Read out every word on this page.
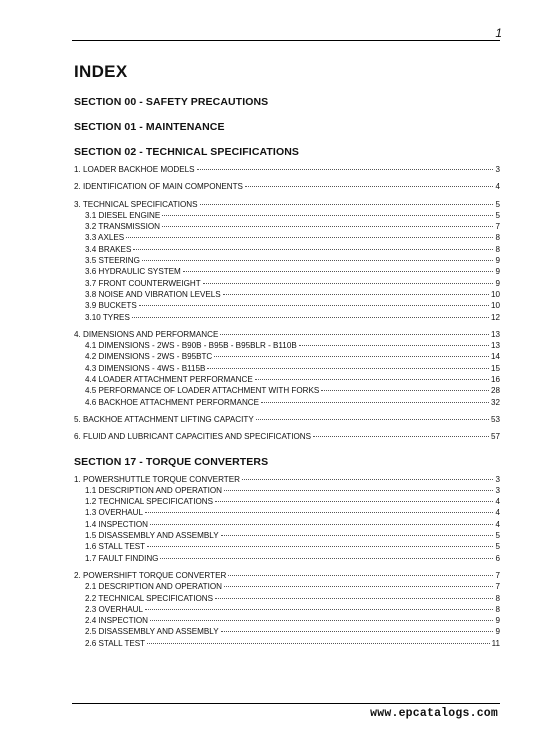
1
INDEX
SECTION 00 - SAFETY PRECAUTIONS
SECTION 01 - MAINTENANCE
SECTION 02 - TECHNICAL SPECIFICATIONS
1. LOADER BACKHOE MODELS	3
2. IDENTIFICATION OF MAIN COMPONENTS	4
3. TECHNICAL SPECIFICATIONS	5
3.1 DIESEL ENGINE	5
3.2 TRANSMISSION	7
3.3 AXLES	8
3.4 BRAKES	8
3.5 STEERING	9
3.6 HYDRAULIC SYSTEM	9
3.7 FRONT COUNTERWEIGHT	9
3.8 NOISE AND VIBRATION LEVELS	10
3.9 BUCKETS	10
3.10 TYRES	12
4. DIMENSIONS AND PERFORMANCE	13
4.1 DIMENSIONS - 2WS - B90B - B95B - B95BLR - B110B	13
4.2 DIMENSIONS - 2WS - B95BTC	14
4.3 DIMENSIONS - 4WS - B115B	15
4.4 LOADER ATTACHMENT PERFORMANCE	16
4.5 PERFORMANCE OF LOADER ATTACHMENT WITH FORKS	28
4.6 BACKHOE ATTACHMENT PERFORMANCE	32
5. BACKHOE ATTACHMENT LIFTING CAPACITY	53
6. FLUID AND LUBRICANT CAPACITIES AND SPECIFICATIONS	57
SECTION 17 - TORQUE CONVERTERS
1. POWERSHUTTLE TORQUE CONVERTER	3
1.1 DESCRIPTION AND OPERATION	3
1.2 TECHNICAL SPECIFICATIONS	4
1.3 OVERHAUL	4
1.4 INSPECTION	4
1.5 DISASSEMBLY AND ASSEMBLY	5
1.6 STALL TEST	5
1.7 FAULT FINDING	6
2. POWERSHIFT TORQUE CONVERTER	7
2.1 DESCRIPTION AND OPERATION	7
2.2 TECHNICAL SPECIFICATIONS	8
2.3 OVERHAUL	8
2.4 INSPECTION	9
2.5 DISASSEMBLY AND ASSEMBLY	9
2.6 STALL TEST	11
www.epcatalogs.com
